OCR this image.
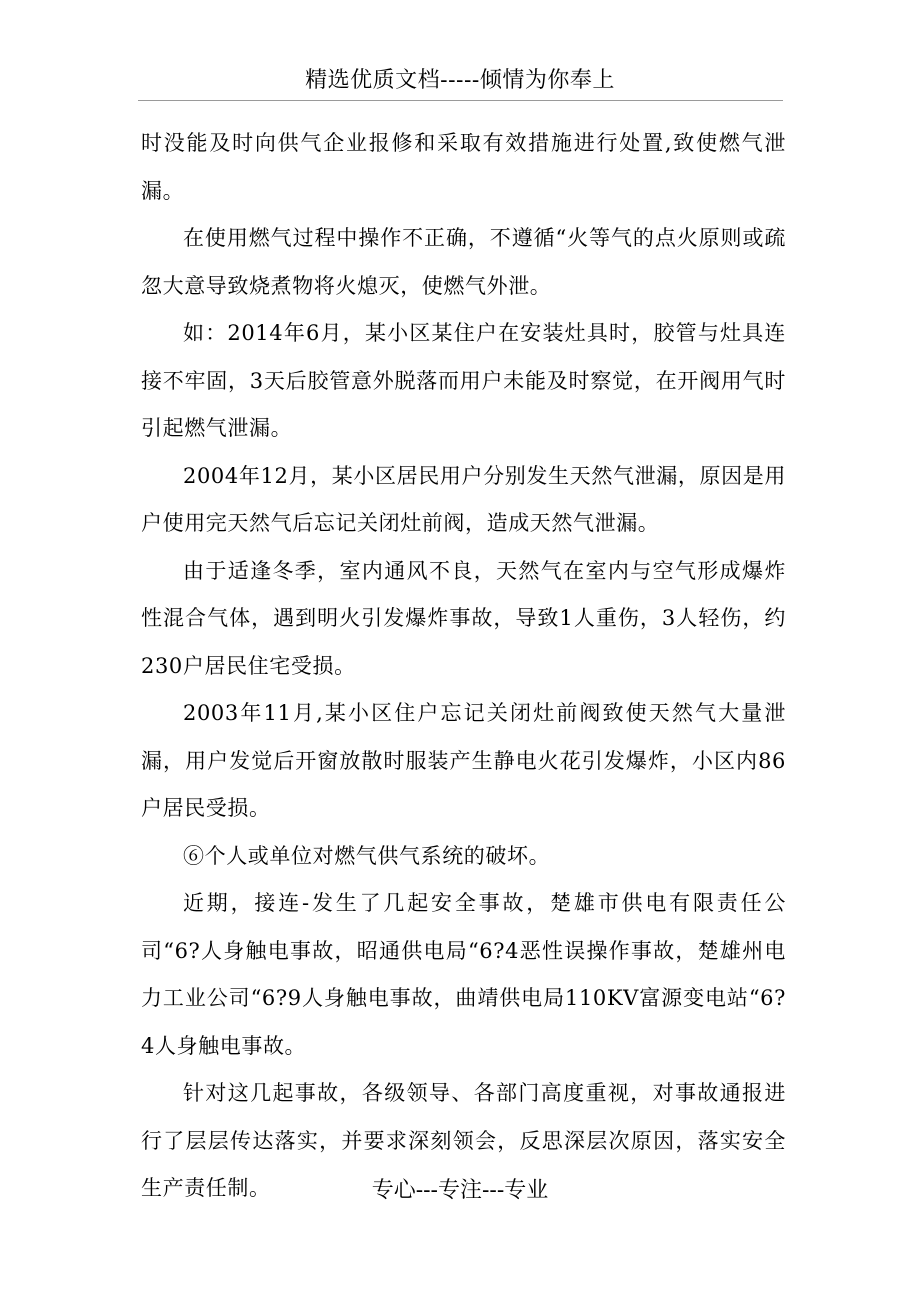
精选优质文档-----倾情为你奉上

时没能及时向供气企业报修和采取有效措施进行处置,致使燃气泄漏。

在使用燃气过程中操作不正确，不遵循“火等气的点火原则或疏忽大意导致烧煮物将火熄灭，使燃气外泄。

如：2014年6月，某小区某住户在安装灶具时，胶管与灶具连接不牢固，3天后胶管意外脱落而用户未能及时察觉，在开阀用气时引起燃气泄漏。

2004年12月，某小区居民用户分别发生天然气泄漏，原因是用户使用完天然气后忘记关闭灶前阀，造成天然气泄漏。

由于适逢冬季，室内通风不良，天然气在室内与空气形成爆炸性混合气体，遇到明火引发爆炸事故，导致1人重伤，3人轻伤，约230户居民住宅受损。

2003年11月,某小区住户忘记关闭灶前阀致使天然气大量泄漏，用户发觉后开窗放散时服装产生静电火花引发爆炸，小区内86户居民受损。

⑥个人或单位对燃气供气系统的破坏。

近期，接连-发生了几起安全事故，楚雄市供电有限责任公司“6?人身触电事故，昭通供电局“6?4恶性误操作事故，楚雄州电力工业公司“6?9人身触电事故，曲靖供电局110KV富源变电站“6?4人身触电事故。

针对这几起事故，各级领导、各部门高度重视，对事故通报进行了层层传达落实，并要求深刻领会，反思深层次原因，落实安全生产责任制。	专心---专注---专业
